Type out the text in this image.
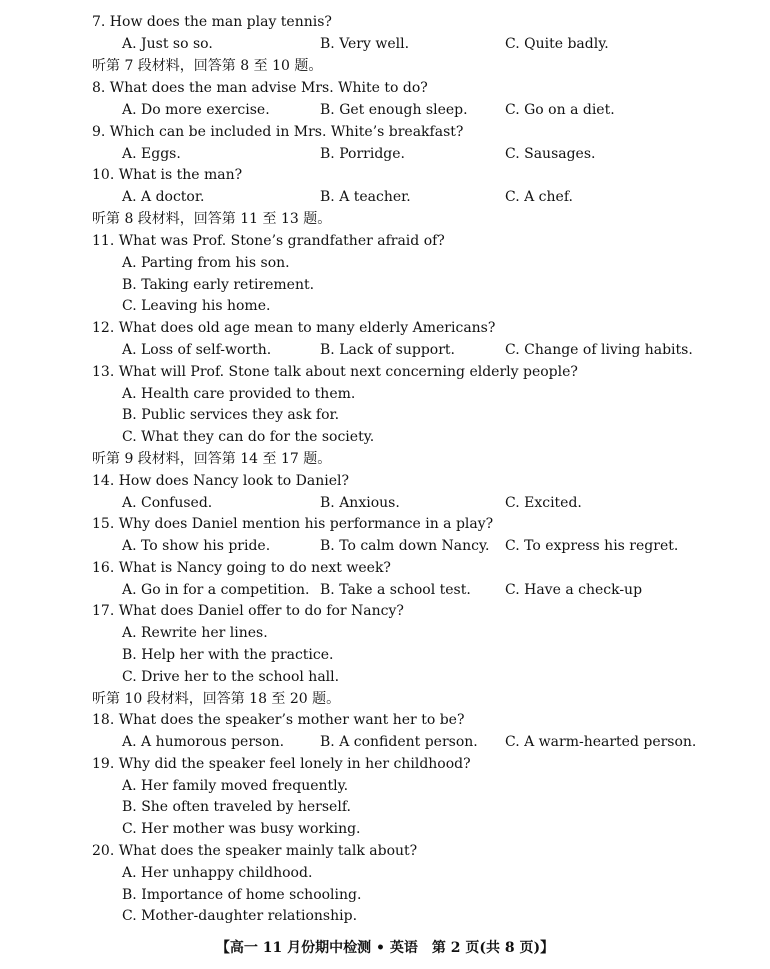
7. How does the man play tennis?
A. Just so so.	B. Very well.	C. Quite badly.
听第 7 段材料，回答第 8 至 10 题。
8. What does the man advise Mrs. White to do?
A. Do more exercise.	B. Get enough sleep.	C. Go on a diet.
9. Which can be included in Mrs. White’s breakfast?
A. Eggs.	B. Porridge.	C. Sausages.
10. What is the man?
A. A doctor.	B. A teacher.	C. A chef.
听第 8 段材料，回答第 11 至 13 题。
11. What was Prof. Stone’s grandfather afraid of?
A. Parting from his son.
B. Taking early retirement.
C. Leaving his home.
12. What does old age mean to many elderly Americans?
A. Loss of self-worth.	B. Lack of support.	C. Change of living habits.
13. What will Prof. Stone talk about next concerning elderly people?
A. Health care provided to them.
B. Public services they ask for.
C. What they can do for the society.
听第 9 段材料，回答第 14 至 17 题。
14. How does Nancy look to Daniel?
A. Confused.	B. Anxious.	C. Excited.
15. Why does Daniel mention his performance in a play?
A. To show his pride.	B. To calm down Nancy. C. To express his regret.
16. What is Nancy going to do next week?
A. Go in for a competition. B. Take a school test. C. Have a check-up
17. What does Daniel offer to do for Nancy?
A. Rewrite her lines.
B. Help her with the practice.
C. Drive her to the school hall.
听第 10 段材料，回答第 18 至 20 题。
18. What does the speaker’s mother want her to be?
A. A humorous person.	B. A confident person. C. A warm-hearted person.
19. Why did the speaker feel lonely in her childhood?
A. Her family moved frequently.
B. She often traveled by herself.
C. Her mother was busy working.
20. What does the speaker mainly talk about?
A. Her unhappy childhood.
B. Importance of home schooling.
C. Mother-daughter relationship.
【高一 11 月份期中检测 • 英语　第 2 页(共 8 页)】
